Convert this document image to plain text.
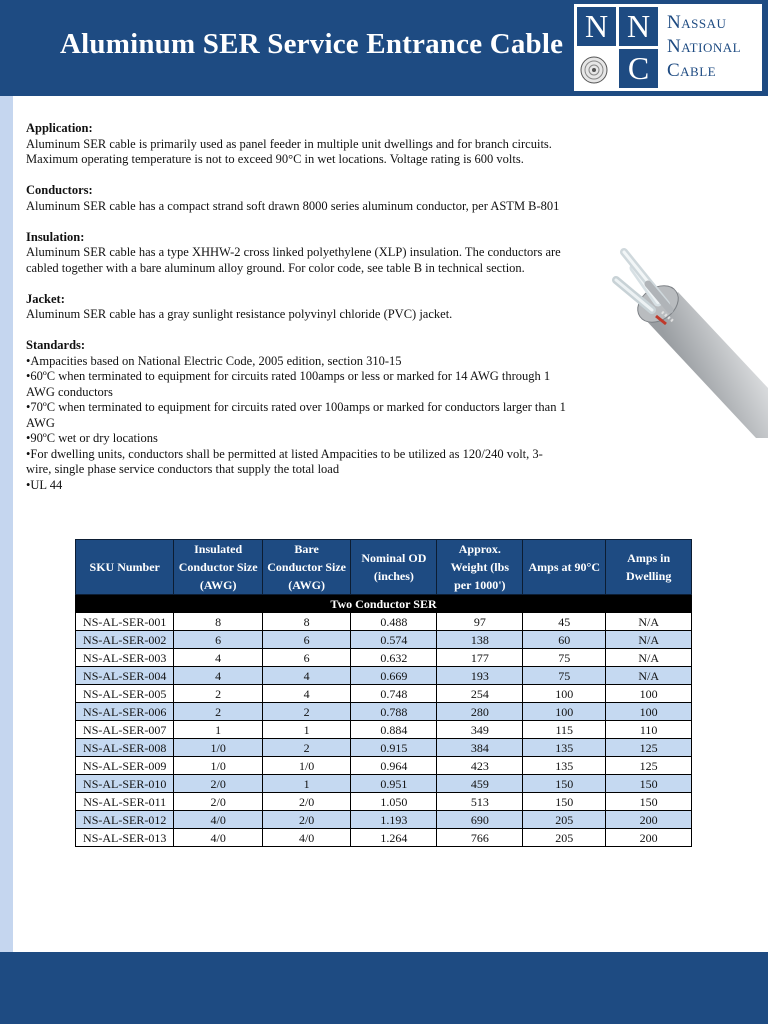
Aluminum SER Service Entrance Cable N N
C
Nassau
National
Cable
Application:

Aluminum SER cable is primarily used as panel feeder in multiple unit dwellings and for branch circuits.

Maximum operating temperature is not to exceed 90°C in wet locations. Voltage rating is 600 volts.

Conductors:

Aluminum SER cable has a compact strand soft drawn 8000 series aluminum conductor, per ASTM B-801

Insulation:

Aluminum SER cable has a type XHHW-2 cross linked polyethylene (XLP) insulation. The conductors are

cabled together with a bare aluminum alloy ground. For color code, see table B in technical section.

Jacket:

Aluminum SER cable has a gray sunlight resistance polyvinyl chloride (PVC) jacket.

Standards:

• Ampacities based on National Electric Code, 2005 edition, section 310-15

• 60ºC when terminated to equipment for circuits rated 100amps or less or marked for 14 AWG through 1 AWG conductors

• 70ºC when terminated to equipment for circuits rated over 100amps or marked for conductors larger than 1 AWG

• 90ºC wet or dry locations

• For dwelling units, conductors shall be permitted at listed Ampacities to be utilized as 120/240 volt, 3-wire, single phase service conductors that supply the total load

• UL 44

SKU Number	Insulated Conductor Size (AWG)	Bare Conductor Size (AWG)	Nominal OD (inches)	Approx. Weight (lbs per 1000')	Amps at 90°C	Amps in Dwelling
Two Conductor SER						
NS-AL-SER-001	8	8	0.488	97	45	N/A
NS-AL-SER-002	6	6	0.574	138	60	N/A
NS-AL-SER-003	4	6	0.632	177	75	N/A
NS-AL-SER-004	4	4	0.669	193	75	N/A
NS-AL-SER-005	2	4	0.748	254	100	100
NS-AL-SER-006	2	2	0.788	280	100	100
NS-AL-SER-007	1	1	0.884	349	115	110
NS-AL-SER-008	1/0	2	0.915	384	135	125
NS-AL-SER-009	1/0	1/0	0.964	423	135	125
NS-AL-SER-010	2/0	1	0.951	459	150	150
NS-AL-SER-011	2/0	2/0	1.050	513	150	150
NS-AL-SER-012	4/0	2/0	1.193	690	205	200
NS-AL-SER-013	4/0	4/0	1.264	766	205	200
